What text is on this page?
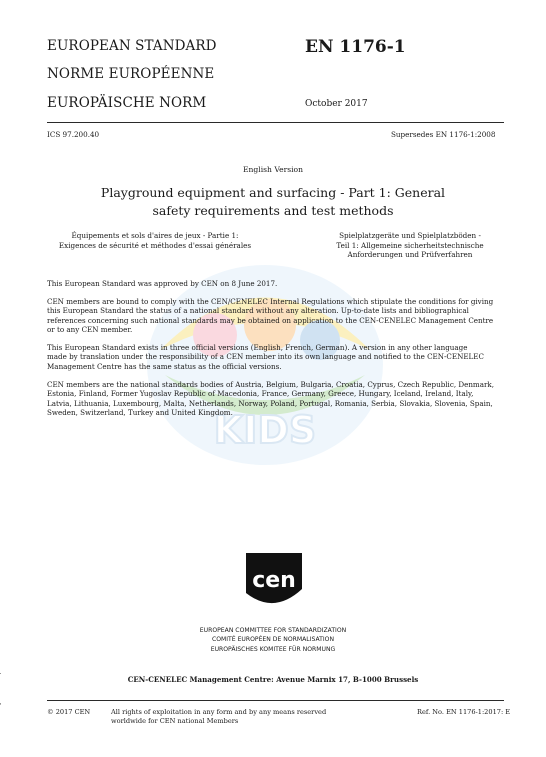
KIDS
EUROPEAN STANDARD
NORME EUROPÉENNE
EUROPÄISCHE NORM
EN 1176-1
October 2017
ICS 97.200.40	Supersedes EN 1176-1:2008
English Version
Playground equipment and surfacing - Part 1: General
safety requirements and test methods
Équipements et sols d'aires de jeux - Partie 1:
Exigences de sécurité et méthodes d'essai générales
Spielplatzgeräte und Spielplatzböden -
Teil 1: Allgemeine sicherheitstechnische
Anforderungen und Prüfverfahren
This European Standard was approved by CEN on 8 June 2017.
CEN members are bound to comply with the CEN/CENELEC Internal Regulations which stipulate the conditions for giving
this European Standard the status of a national standard without any alteration. Up-to-date lists and bibliographical
references concerning such national standards may be obtained on application to the CEN-CENELEC Management Centre
or to any CEN member.
This European Standard exists in three official versions (English, French, German). A version in any other language
made by translation under the responsibility of a CEN member into its own language and notified to the CEN-CENELEC
Management Centre has the same status as the official versions.
CEN members are the national standards bodies of Austria, Belgium, Bulgaria, Croatia, Cyprus, Czech Republic, Denmark,
Estonia, Finland, Former Yugoslav Republic of Macedonia, France, Germany, Greece, Hungary, Iceland, Ireland, Italy,
Latvia, Lithuania, Luxembourg, Malta, Netherlands, Norway, Poland, Portugal, Romania, Serbia, Slovakia, Slovenia, Spain,
Sweden, Switzerland, Turkey and United Kingdom.
cen
EUROPEAN COMMITTEE FOR STANDARDIZATION
COMITÉ EUROPÉEN DE NORMALISATION
EUROPÄISCHES KOMITEE FÜR NORMUNG
CEN-CENELEC Management Centre: Avenue Marnix 17, B-1000 Brussels
© 2017 CEN	All rights of exploitation in any form and by any means reserved
worldwide for CEN national Members
Ref. No. EN 1176-1:2017: E
